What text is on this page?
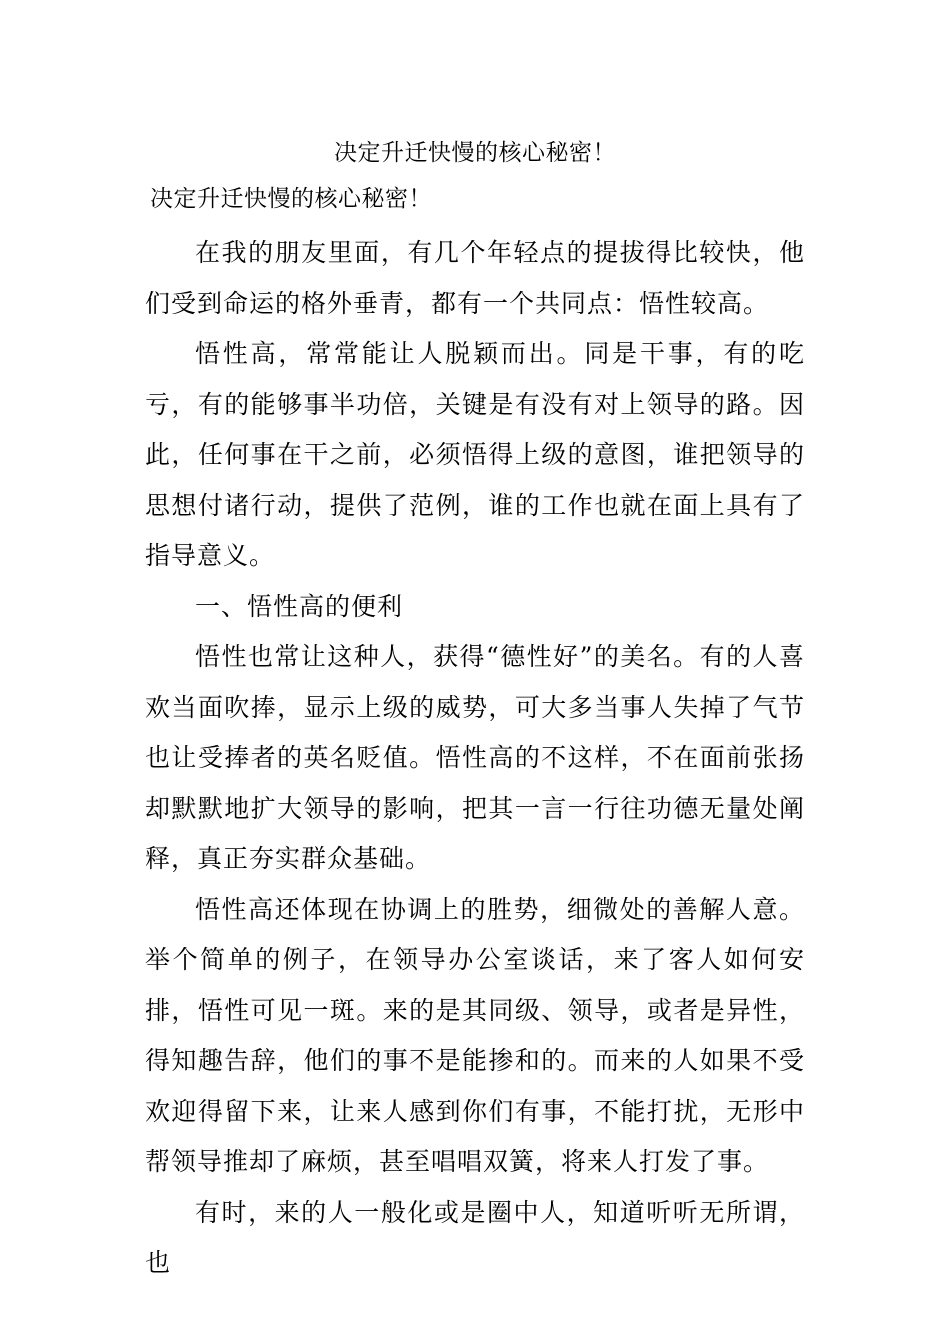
决定升迁快慢的核心秘密！
决定升迁快慢的核心秘密！

在我的朋友里面，有几个年轻点的提拔得比较快，他们受到命运的格外垂青，都有一个共同点：悟性较高。

悟性高，常常能让人脱颖而出。同是干事，有的吃亏，有的能够事半功倍，关键是有没有对上领导的路。因此，任何事在干之前，必须悟得上级的意图，谁把领导的思想付诸行动，提供了范例，谁的工作也就在面上具有了指导意义。

一、悟性高的便利

悟性也常让这种人，获得“德性好”的美名。有的人喜欢当面吹捧，显示上级的威势，可大多当事人失掉了气节也让受捧者的英名贬值。悟性高的不这样，不在面前张扬却默默地扩大领导的影响，把其一言一行往功德无量处阐释，真正夯实群众基础。

悟性高还体现在协调上的胜势，细微处的善解人意。举个简单的例子，在领导办公室谈话，来了客人如何安排，悟性可见一斑。来的是其同级、领导，或者是异性，得知趣告辞，他们的事不是能掺和的。而来的人如果不受欢迎得留下来，让来人感到你们有事，不能打扰，无形中帮领导推却了麻烦，甚至唱唱双簧，将来人打发了事。

有时，来的人一般化或是圈中人，知道听听无所谓，也
